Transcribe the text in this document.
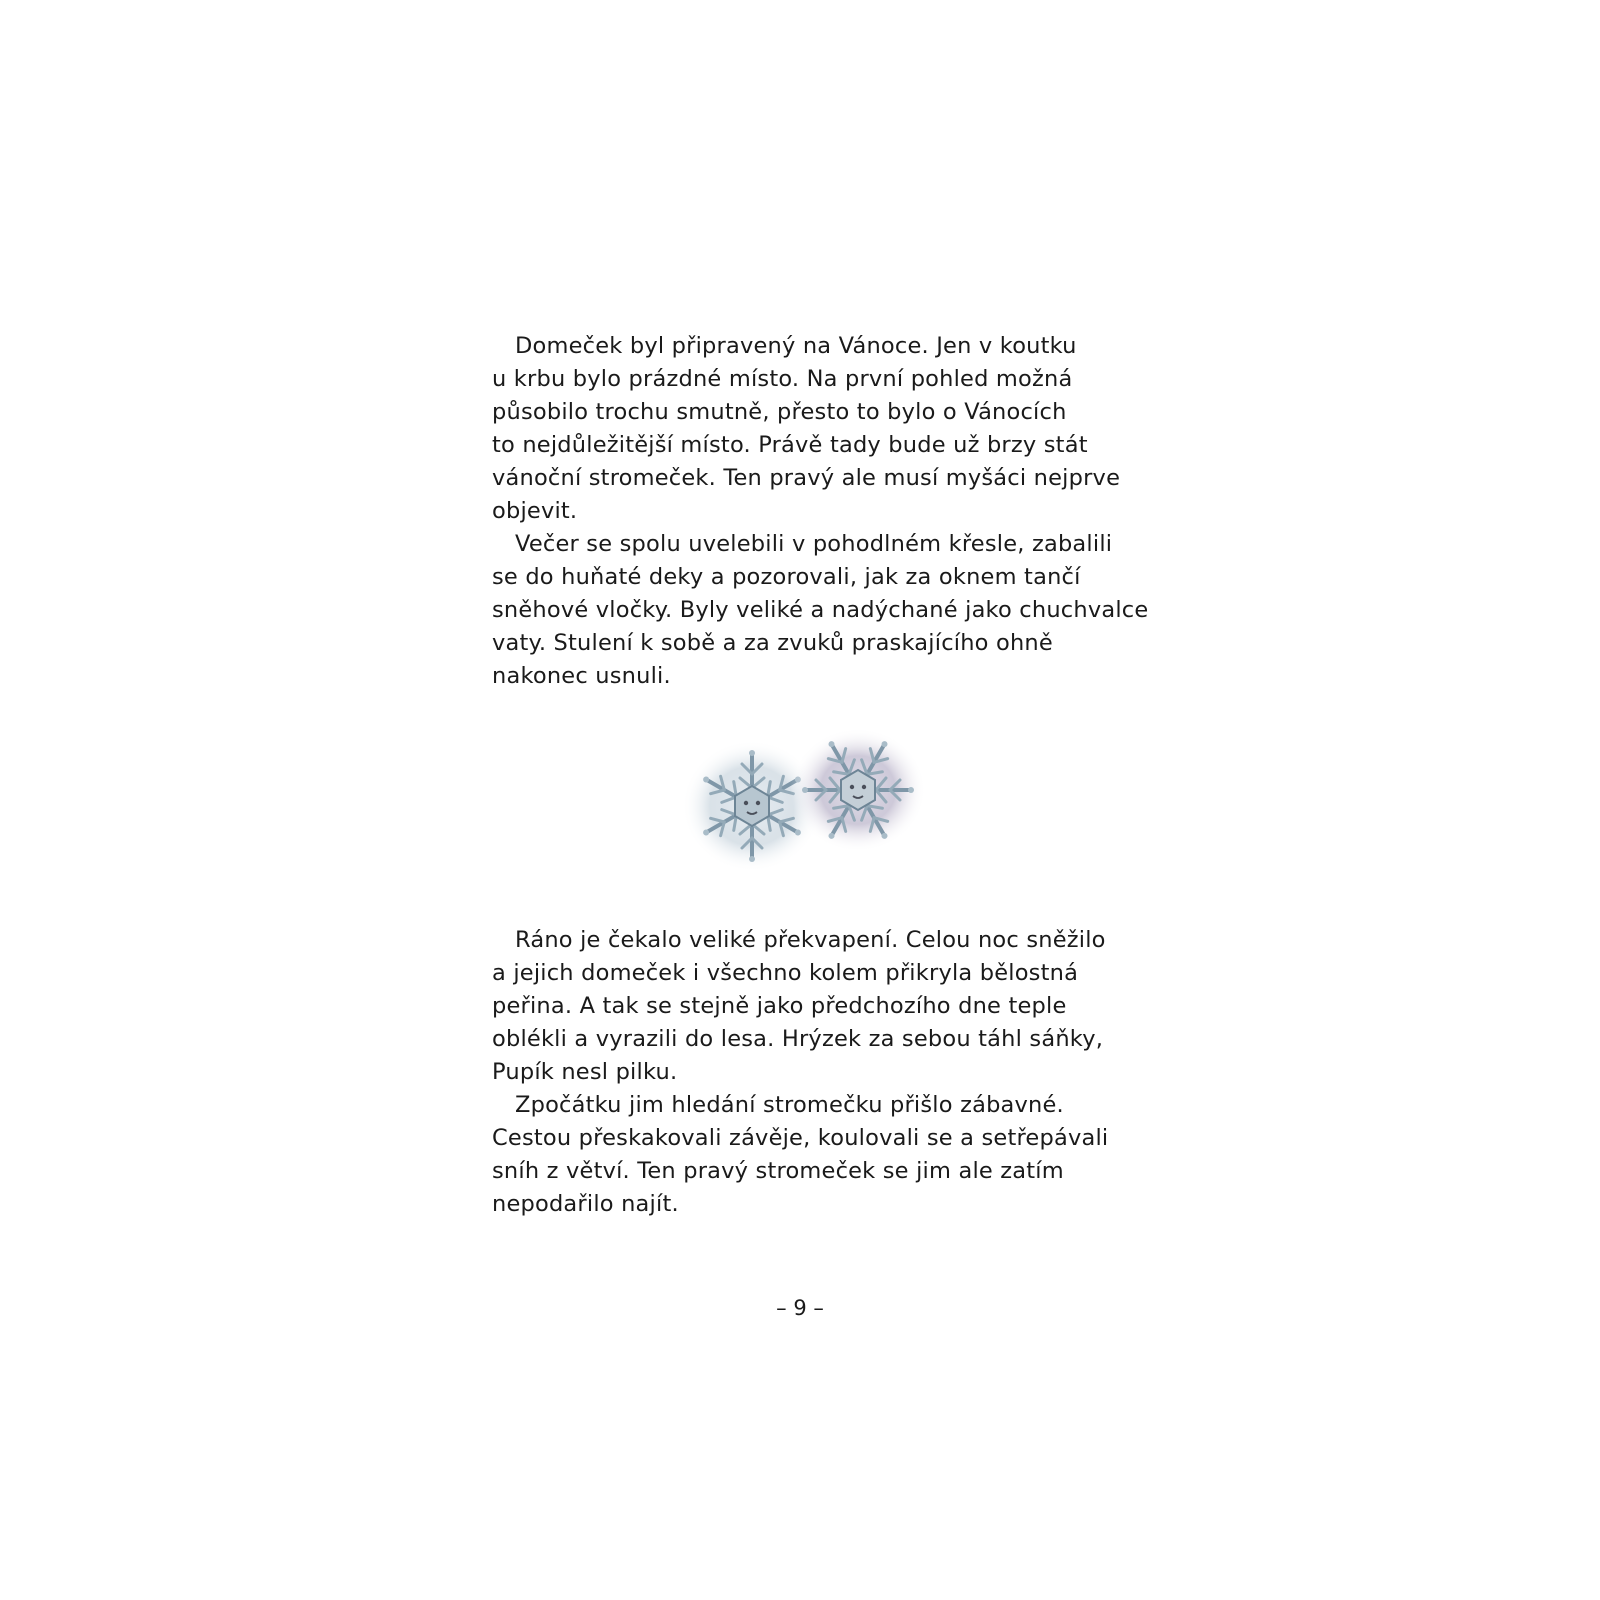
Domeček byl připravený na Vánoce. Jen v koutku
u krbu bylo prázdné místo. Na první pohled možná
působilo trochu smutně, přesto to bylo o Vánocích
to nejdůležitější místo. Právě tady bude už brzy stát
vánoční stromeček. Ten pravý ale musí myšáci nejprve
objevit.
Večer se spolu uvelebili v pohodlném křesle, zabalili
se do huňaté deky a pozorovali, jak za oknem tančí
sněhové vločky. Byly veliké a nadýchané jako chuchvalce
vaty. Stulení k sobě a za zvuků praskajícího ohně
nakonec usnuli.
Ráno je čekalo veliké překvapení. Celou noc sněžilo
a jejich domeček i všechno kolem přikryla bělostná
peřina. A tak se stejně jako předchozího dne teple
oblékli a vyrazili do lesa. Hrýzek za sebou táhl sáňky,
Pupík nesl pilku.
Zpočátku jim hledání stromečku přišlo zábavné.
Cestou přeskakovali závěje, koulovali se a setřepávali
sníh z větví. Ten pravý stromeček se jim ale zatím
nepodařilo najít.
– 9 –
